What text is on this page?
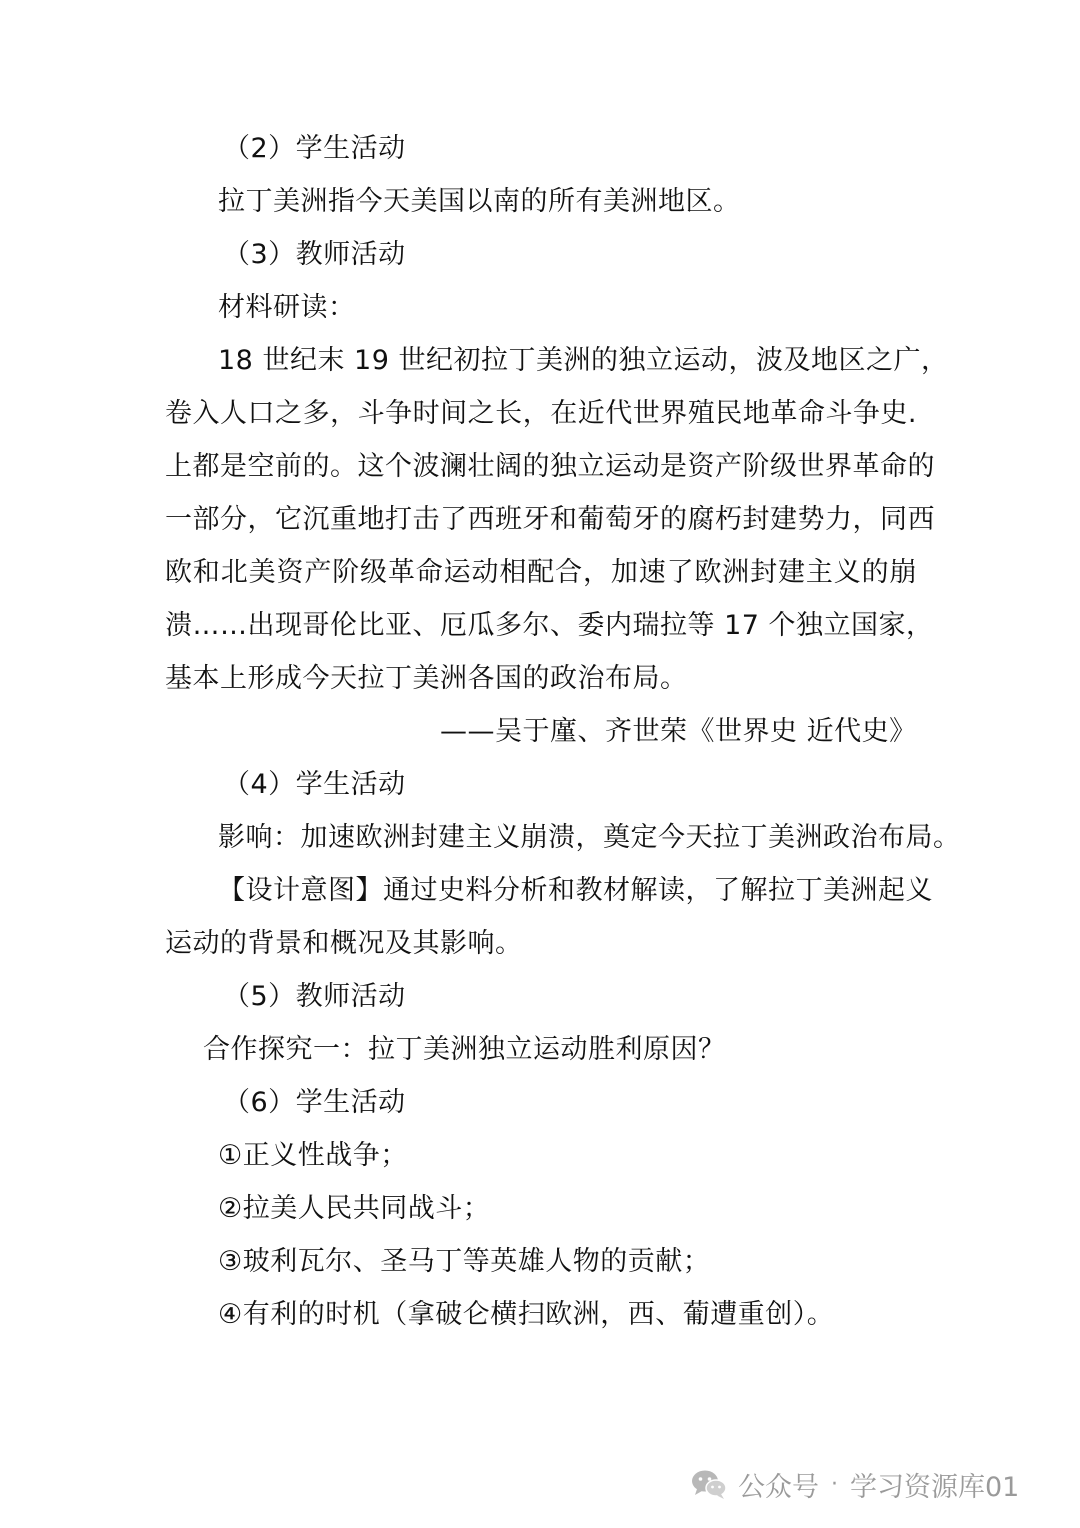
（2）学生活动
拉丁美洲指今天美国以南的所有美洲地区。
（3）教师活动
材料研读：
18 世纪末 19 世纪初拉丁美洲的独立运动，波及地区之广，
卷入人口之多，斗争时间之长，在近代世界殖民地革命斗争史.
上都是空前的。这个波澜壮阔的独立运动是资产阶级世界革命的
一部分，它沉重地打击了西班牙和葡萄牙的腐朽封建势力，同西
欧和北美资产阶级革命运动相配合，加速了欧洲封建主义的崩
溃……出现哥伦比亚、厄瓜多尔、委内瑞拉等 17 个独立国家，
基本上形成今天拉丁美洲各国的政治布局。
——吴于廑、齐世荣《世界史 近代史》
（4）学生活动
影响：加速欧洲封建主义崩溃，奠定今天拉丁美洲政治布局。
【设计意图】通过史料分析和教材解读，了解拉丁美洲起义
运动的背景和概况及其影响。
（5）教师活动
合作探究一：拉丁美洲独立运动胜利原因？
（6）学生活动
①正义性战争；
②拉美人民共同战斗；
③玻利瓦尔、圣马丁等英雄人物的贡献；
④有利的时机（拿破仑横扫欧洲，西、葡遭重创）。
公众号 · 学习资源库01
